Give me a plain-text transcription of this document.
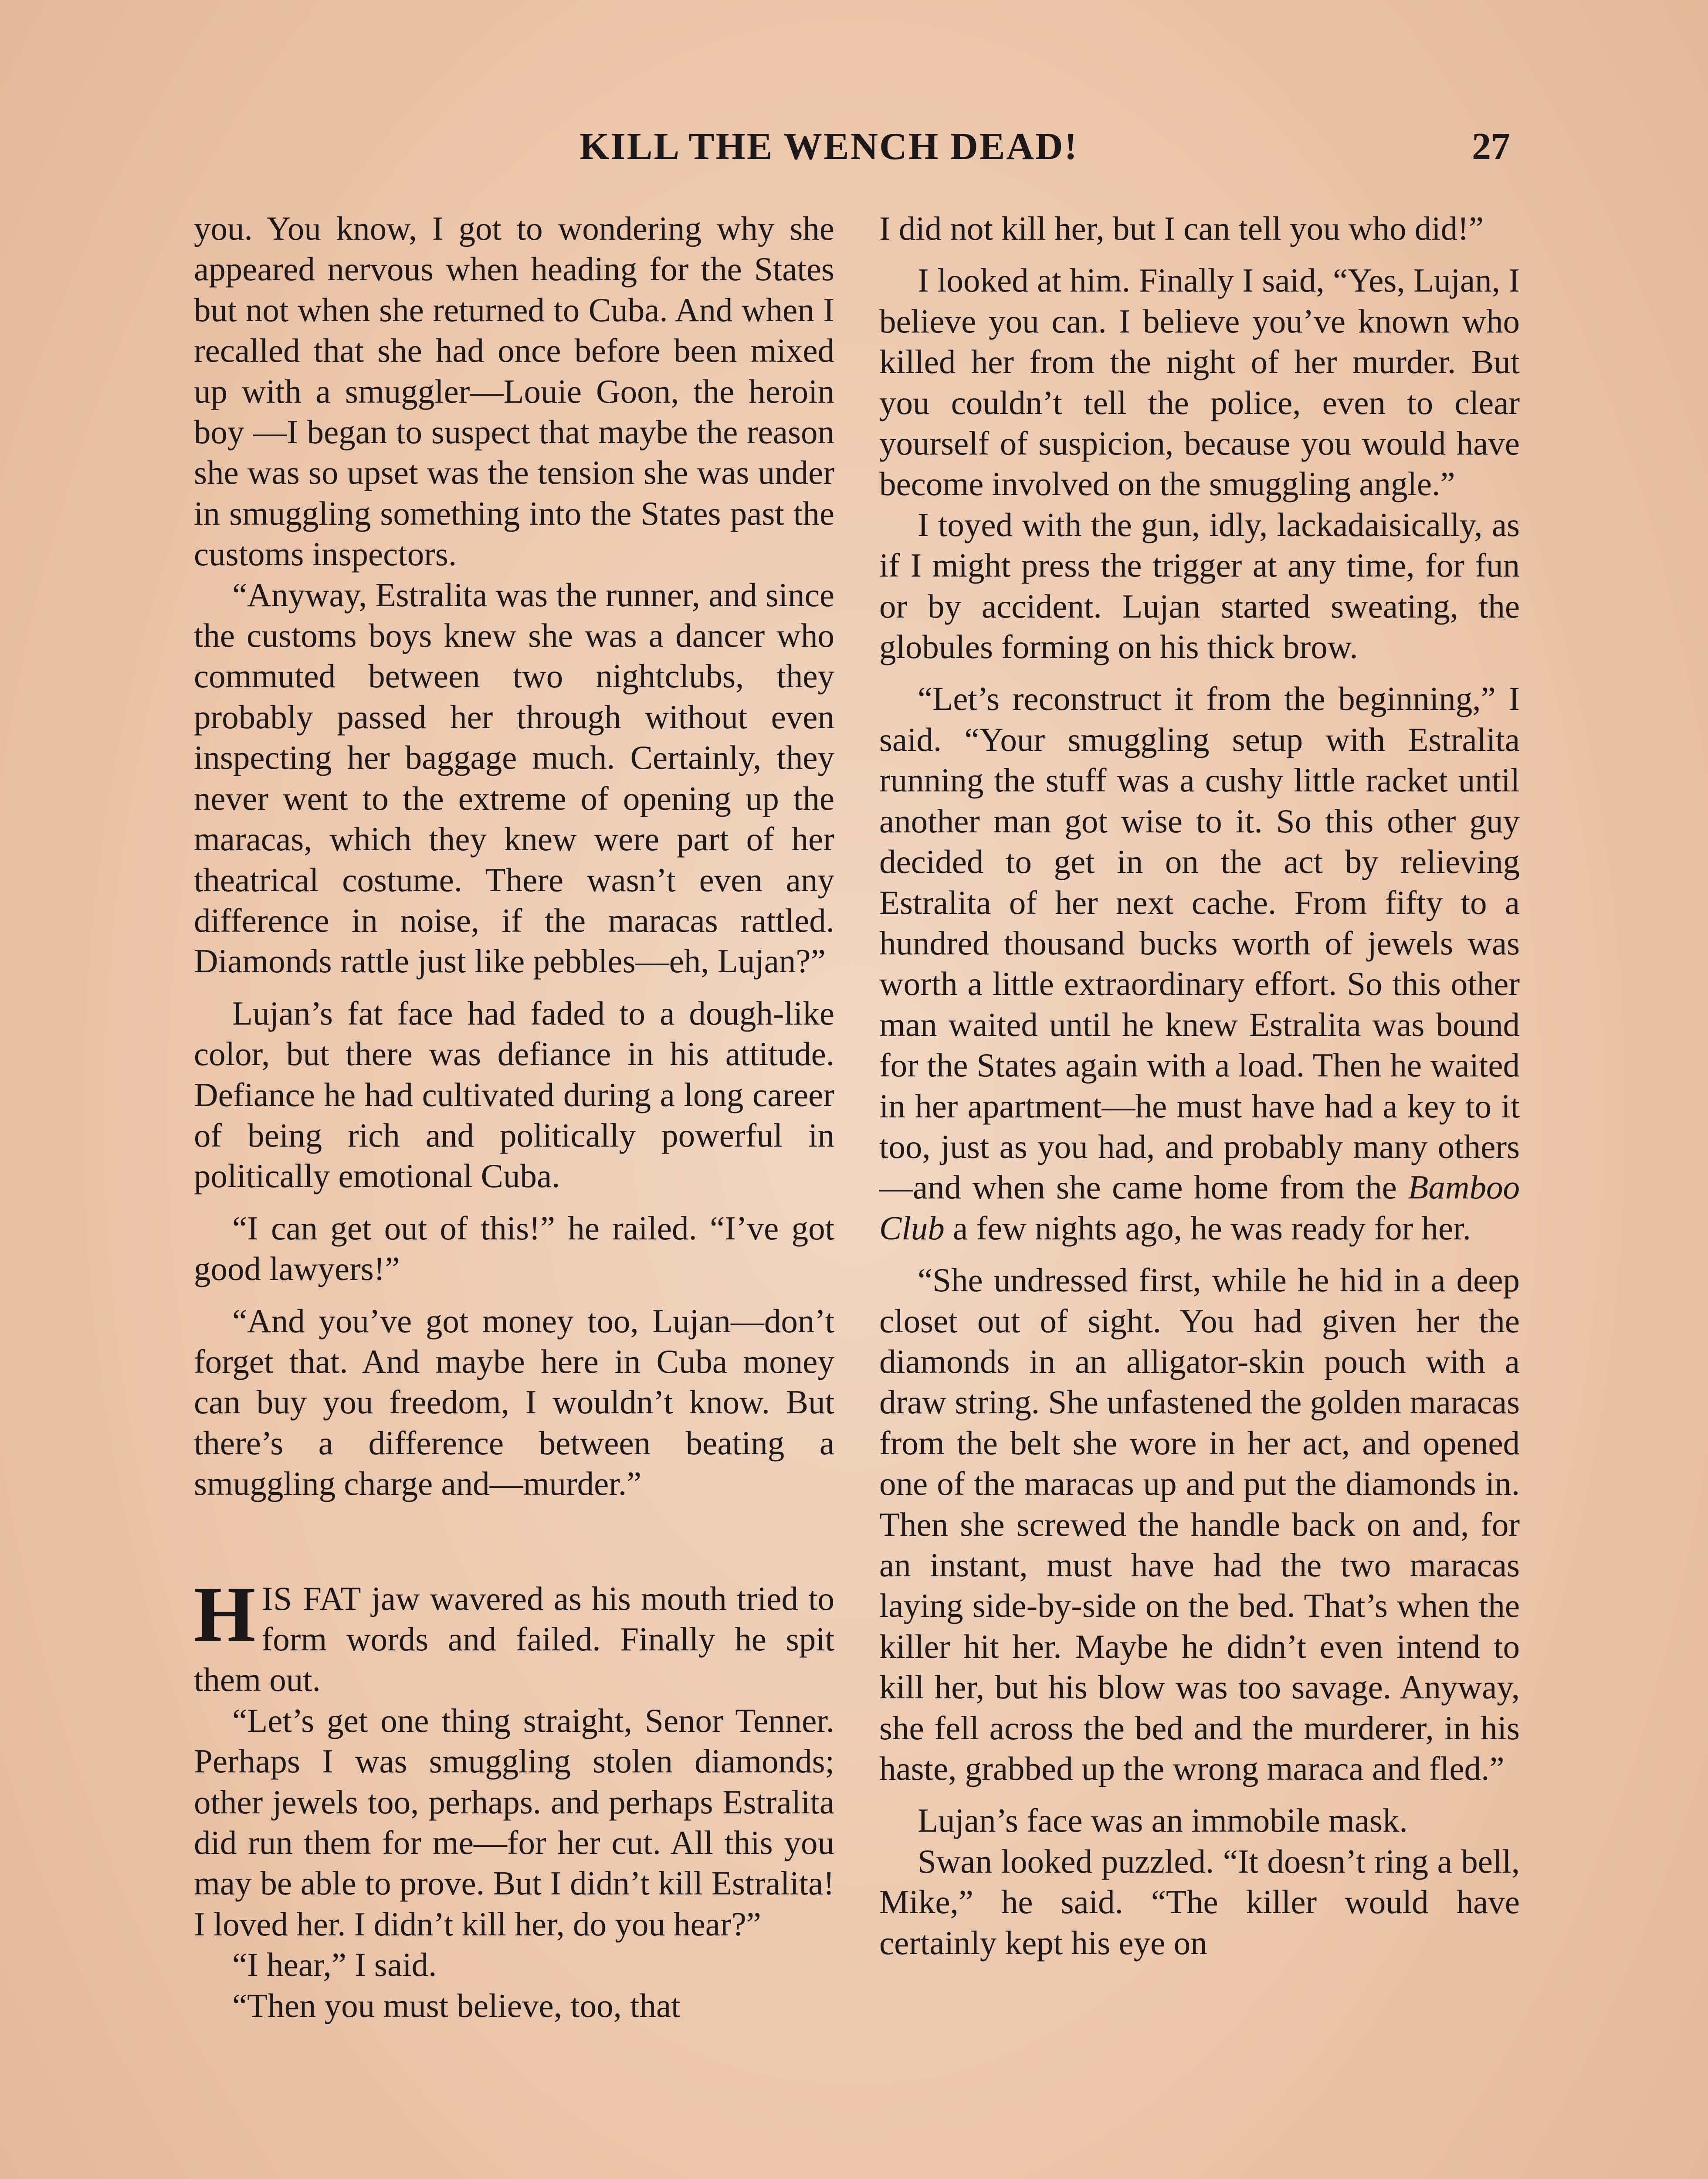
KILL THE WENCH DEAD!	27

you. You know, I got to wondering why she appeared nervous when heading for the States but not when she returned to Cuba. And when I recalled that she had once before been mixed up with a smuggler—Louie Goon, the heroin boy —I began to suspect that maybe the reason she was so upset was the tension she was under in smuggling something into the States past the customs inspectors.

“Anyway, Estralita was the runner, and since the customs boys knew she was a dancer who commuted between two nightclubs, they probably passed her through without even inspecting her baggage much. Certainly, they never went to the extreme of opening up the maracas, which they knew were part of her theatrical costume. There wasn’t even any difference in noise, if the maracas rattled. Diamonds rattle just like pebbles—eh, Lujan?”

Lujan’s fat face had faded to a dough-like color, but there was defiance in his attitude. Defiance he had cultivated during a long career of being rich and politically powerful in politically emotional Cuba.

“I can get out of this!” he railed. “I’ve got good lawyers!”

“And you’ve got money too, Lujan—don’t forget that. And maybe here in Cuba money can buy you freedom, I wouldn’t know. But there’s a difference between beating a smuggling charge and—murder.”

HIS FAT jaw wavered as his mouth tried to form words and failed. Finally he spit them out.

“Let’s get one thing straight, Senor Tenner. Perhaps I was smuggling stolen diamonds; other jewels too, perhaps. and perhaps Estralita did run them for me—for her cut. All this you may be able to prove. But I didn’t kill Estralita! I loved her. I didn’t kill her, do you hear?”

“I hear,” I said.

“Then you must believe, too, that

I did not kill her, but I can tell you who did!”

I looked at him. Finally I said, “Yes, Lujan, I believe you can. I believe you’ve known who killed her from the night of her murder. But you couldn’t tell the police, even to clear yourself of suspicion, because you would have become involved on the smuggling angle.”

I toyed with the gun, idly, lackadaisically, as if I might press the trigger at any time, for fun or by accident. Lujan started sweating, the globules forming on his thick brow.

“Let’s reconstruct it from the beginning,” I said. “Your smuggling setup with Estralita running the stuff was a cushy little racket until another man got wise to it. So this other guy decided to get in on the act by relieving Estralita of her next cache. From fifty to a hundred thousand bucks worth of jewels was worth a little extraordinary effort. So this other man waited until he knew Estralita was bound for the States again with a load. Then he waited in her apartment—he must have had a key to it too, just as you had, and probably many others—and when she came home from the Bamboo Club a few nights ago, he was ready for her.

“She undressed first, while he hid in a deep closet out of sight. You had given her the diamonds in an alligator-skin pouch with a draw string. She unfastened the golden maracas from the belt she wore in her act, and opened one of the maracas up and put the diamonds in. Then she screwed the handle back on and, for an instant, must have had the two maracas laying side-by-side on the bed. That’s when the killer hit her. Maybe he didn’t even intend to kill her, but his blow was too savage. Anyway, she fell across the bed and the murderer, in his haste, grabbed up the wrong maraca and fled.”

Lujan’s face was an immobile mask.

Swan looked puzzled. “It doesn’t ring a bell, Mike,” he said. “The killer would have certainly kept his eye on
